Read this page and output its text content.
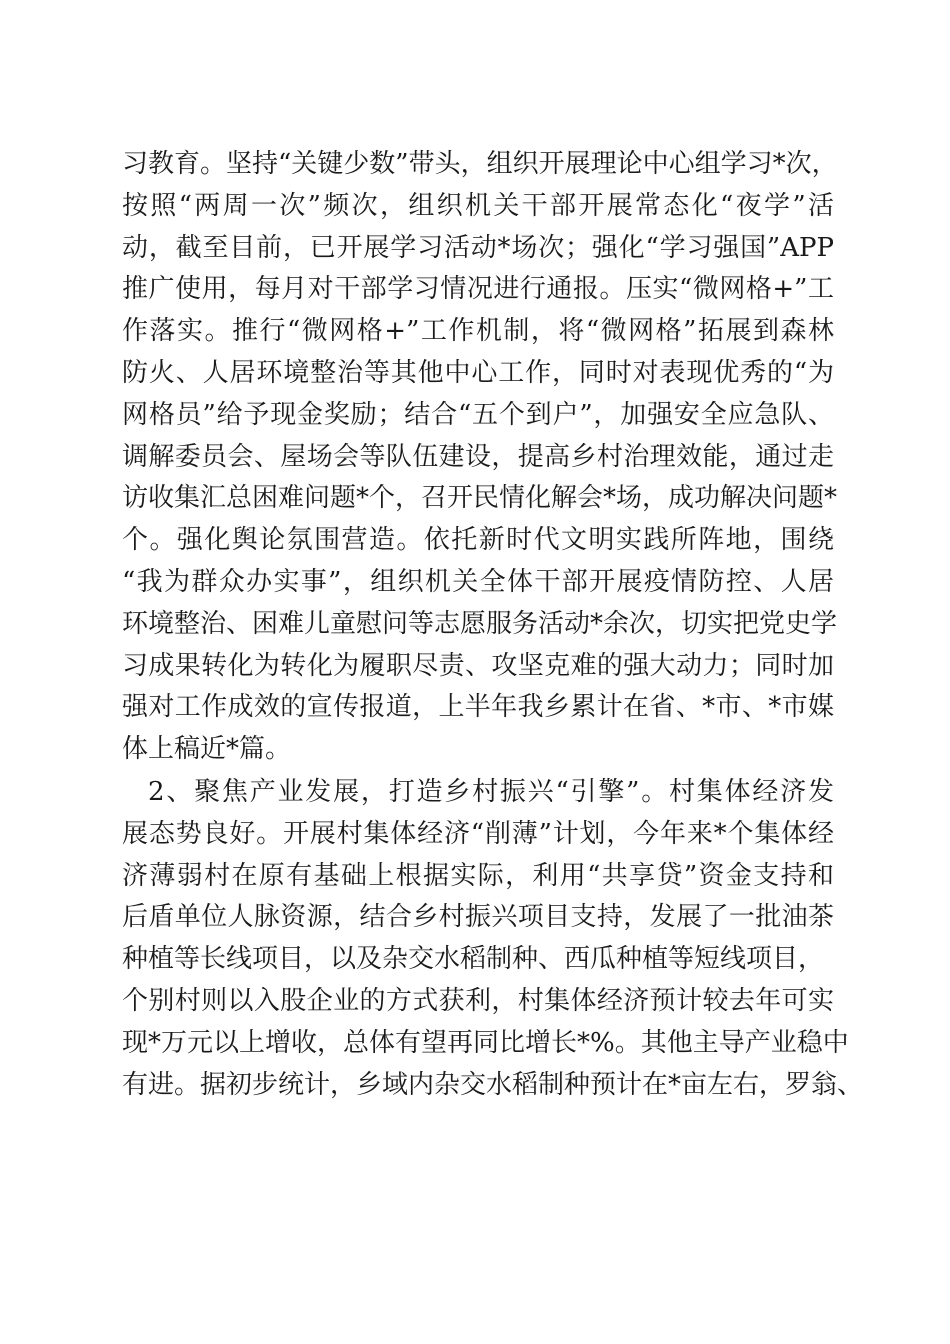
习教育。坚持“关键少数”带头，组织开展理论中心组学习*次，
按照“两周一次”频次，组织机关干部开展常态化“夜学”活
动，截至目前，已开展学习活动*场次；强化“学习强国”APP
推广使用，每月对干部学习情况进行通报。压实“微网格+”工
作落实。推行“微网格+”工作机制，将“微网格”拓展到森林
防火、人居环境整治等其他中心工作，同时对表现优秀的“为
网格员”给予现金奖励；结合“五个到户”，加强安全应急队、
调解委员会、屋场会等队伍建设，提高乡村治理效能，通过走
访收集汇总困难问题*个，召开民情化解会*场，成功解决问题*
个。强化舆论氛围营造。依托新时代文明实践所阵地，围绕
“我为群众办实事”，组织机关全体干部开展疫情防控、人居
环境整治、困难儿童慰问等志愿服务活动*余次，切实把党史学
习成果转化为转化为履职尽责、攻坚克难的强大动力；同时加
强对工作成效的宣传报道，上半年我乡累计在省、*市、*市媒
体上稿近*篇。
2、聚焦产业发展，打造乡村振兴“引擎”。村集体经济发
展态势良好。开展村集体经济“削薄”计划，今年来*个集体经
济薄弱村在原有基础上根据实际，利用“共享贷”资金支持和
后盾单位人脉资源，结合乡村振兴项目支持，发展了一批油茶
种植等长线项目，以及杂交水稻制种、西瓜种植等短线项目，
个别村则以入股企业的方式获利，村集体经济预计较去年可实
现*万元以上增收，总体有望再同比增长*%。其他主导产业稳中
有进。据初步统计，乡域内杂交水稻制种预计在*亩左右，罗翁、
